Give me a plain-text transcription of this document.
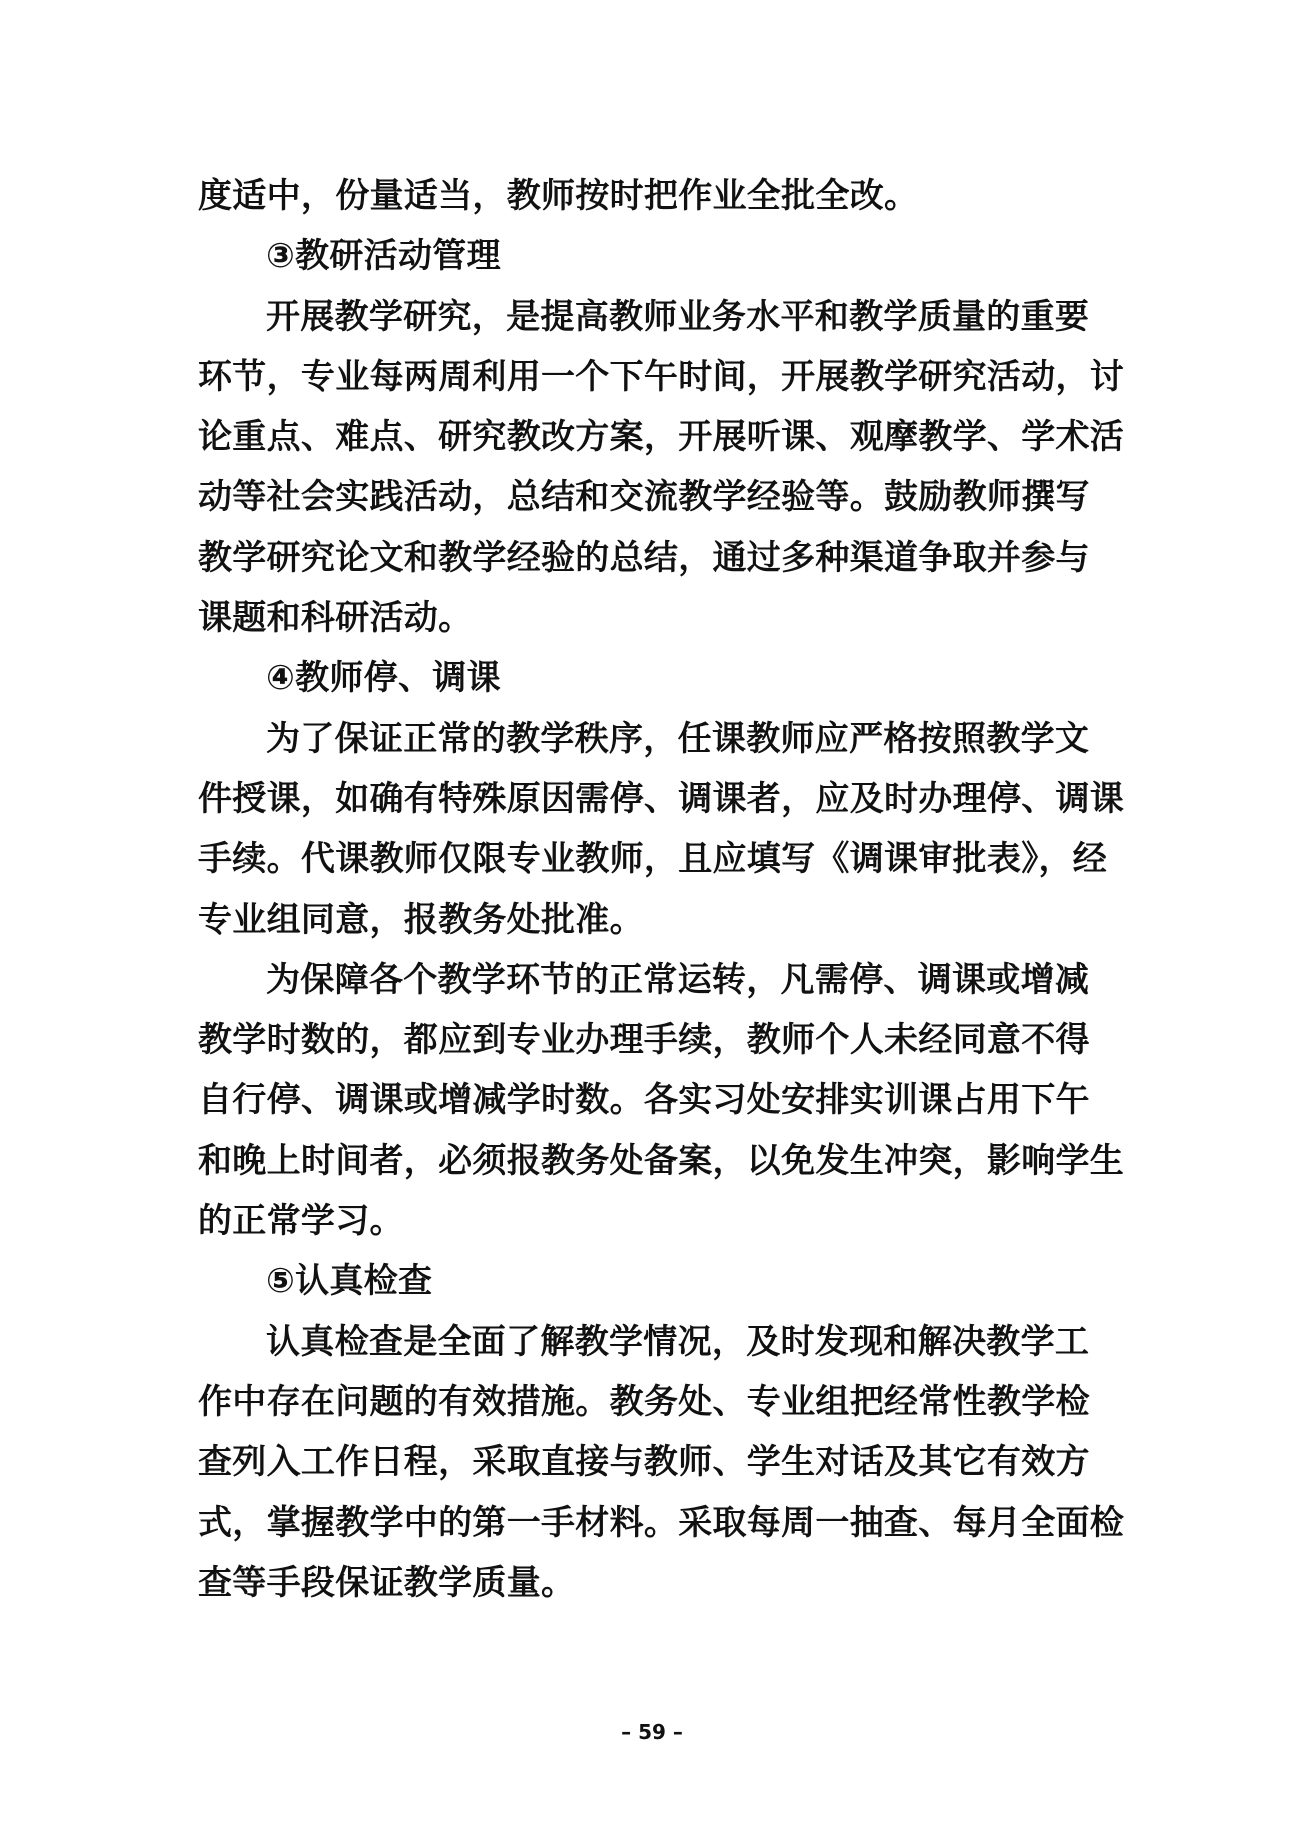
度适中，份量适当，教师按时把作业全批全改。
③教研活动管理
开展教学研究，是提高教师业务水平和教学质量的重要
环节，专业每两周利用一个下午时间，开展教学研究活动，讨
论重点、难点、研究教改方案，开展听课、观摩教学、学术活
动等社会实践活动，总结和交流教学经验等。鼓励教师撰写
教学研究论文和教学经验的总结，通过多种渠道争取并参与
课题和科研活动。
④教师停、调课
为了保证正常的教学秩序，任课教师应严格按照教学文
件授课，如确有特殊原因需停、调课者，应及时办理停、调课
手续。代课教师仅限专业教师，且应填写《调课审批表》，经
专业组同意，报教务处批准。
为保障各个教学环节的正常运转，凡需停、调课或增减
教学时数的，都应到专业办理手续，教师个人未经同意不得
自行停、调课或增减学时数。各实习处安排实训课占用下午
和晚上时间者，必须报教务处备案，以免发生冲突，影响学生
的正常学习。
⑤认真检查
认真检查是全面了解教学情况，及时发现和解决教学工
作中存在问题的有效措施。教务处、专业组把经常性教学检
查列入工作日程，采取直接与教师、学生对话及其它有效方
式，掌握教学中的第一手材料。采取每周一抽查、每月全面检
查等手段保证教学质量。
– 59 –
